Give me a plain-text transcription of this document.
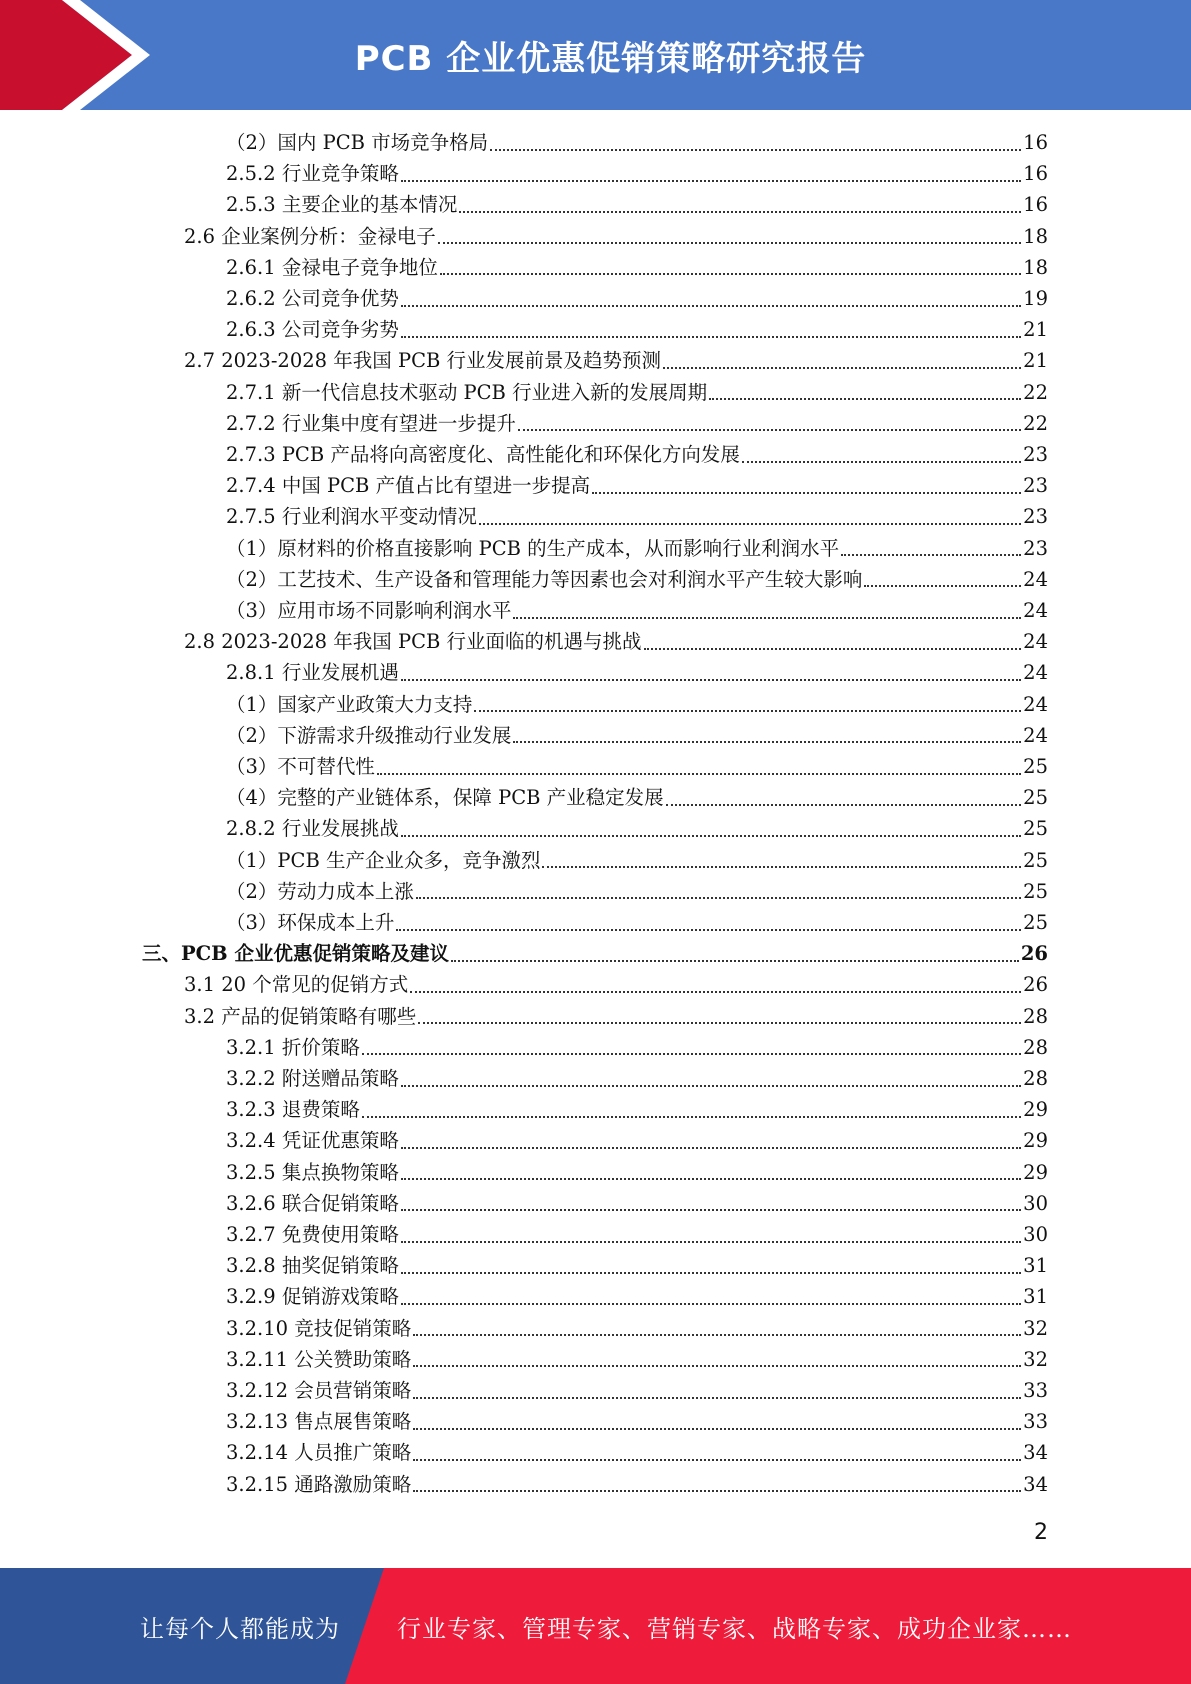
PCB 企业优惠促销策略研究报告
（2）国内 PCB 市场竞争格局	16
2.5.2 行业竞争策略	16
2.5.3 主要企业的基本情况	16
2.6 企业案例分析：金禄电子	18
2.6.1 金禄电子竞争地位	18
2.6.2 公司竞争优势	19
2.6.3 公司竞争劣势	21
2.7 2023-2028 年我国 PCB 行业发展前景及趋势预测	21
2.7.1 新一代信息技术驱动 PCB 行业进入新的发展周期	22
2.7.2 行业集中度有望进一步提升	22
2.7.3 PCB 产品将向高密度化、高性能化和环保化方向发展	23
2.7.4 中国 PCB 产值占比有望进一步提高	23
2.7.5 行业利润水平变动情况	23
（1）原材料的价格直接影响 PCB 的生产成本，从而影响行业利润水平	23
（2）工艺技术、生产设备和管理能力等因素也会对利润水平产生较大影响	24
（3）应用市场不同影响利润水平	24
2.8 2023-2028 年我国 PCB 行业面临的机遇与挑战	24
2.8.1 行业发展机遇	24
（1）国家产业政策大力支持	24
（2）下游需求升级推动行业发展	24
（3）不可替代性	25
（4）完整的产业链体系，保障 PCB 产业稳定发展	25
2.8.2 行业发展挑战	25
（1）PCB 生产企业众多，竞争激烈	25
（2）劳动力成本上涨	25
（3）环保成本上升	25
三、PCB 企业优惠促销策略及建议	26
3.1 20 个常见的促销方式	26
3.2 产品的促销策略有哪些	28
3.2.1 折价策略	28
3.2.2 附送赠品策略	28
3.2.3 退费策略	29
3.2.4 凭证优惠策略	29
3.2.5 集点换物策略	29
3.2.6 联合促销策略	30
3.2.7 免费使用策略	30
3.2.8 抽奖促销策略	31
3.2.9 促销游戏策略	31
3.2.10 竞技促销策略	32
3.2.11 公关赞助策略	32
3.2.12 会员营销策略	33
3.2.13 售点展售策略	33
3.2.14 人员推广策略	34
3.2.15 通路激励策略	34
2
让每个人都能成为 行业专家、管理专家、营销专家、战略专家、成功企业家……
